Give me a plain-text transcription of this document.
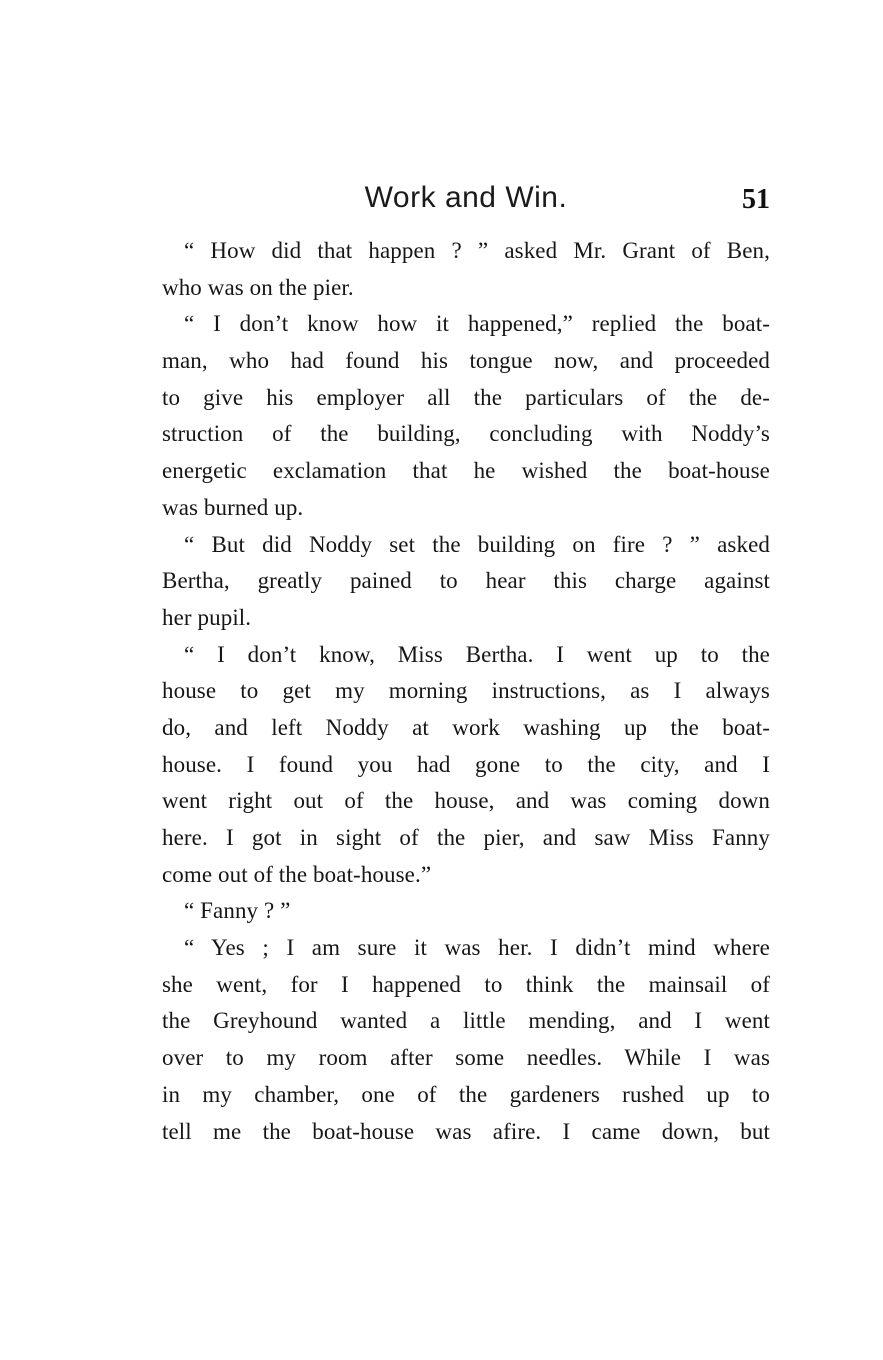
Work and Win.	51
“ How did that happen ? ” asked Mr. Grant of Ben,
who was on the pier.
“ I don’t know how it happened,” replied the boat-
man, who had found his tongue now, and proceeded
to give his employer all the particulars of the de-
struction of the building, concluding with Noddy’s
energetic exclamation that he wished the boat-house
was burned up.
“ But did Noddy set the building on fire ? ” asked
Bertha, greatly pained to hear this charge against
her pupil.
“ I don’t know, Miss Bertha. I went up to the
house to get my morning instructions, as I always
do, and left Noddy at work washing up the boat-
house. I found you had gone to the city, and I
went right out of the house, and was coming down
here. I got in sight of the pier, and saw Miss Fanny
come out of the boat-house.”
“ Fanny ? ”
“ Yes ; I am sure it was her. I didn’t mind where
she went, for I happened to think the mainsail of
the Greyhound wanted a little mending, and I went
over to my room after some needles. While I was
in my chamber, one of the gardeners rushed up to
tell me the boat-house was afire. I came down, but
